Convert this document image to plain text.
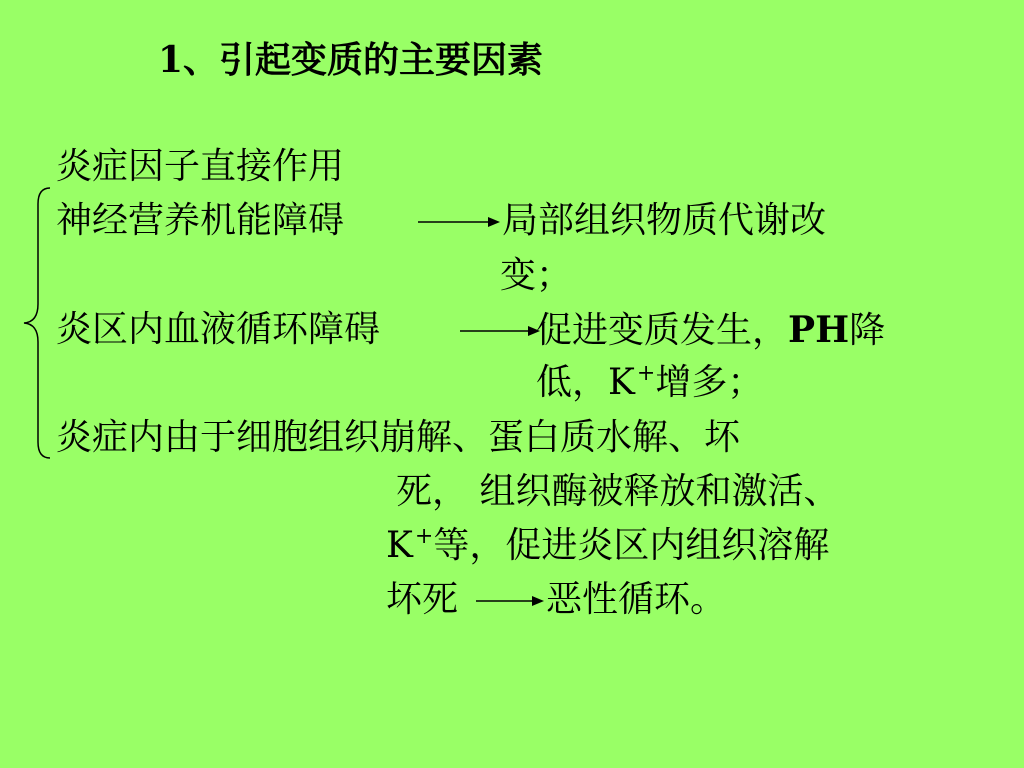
1、引起变质的主要因素
炎症因子直接作用
神经营养机能障碍	局部组织物质代谢改
变；
炎区内血液循环障碍	促进变质发生，PH降
低，K+增多；
炎症内由于细胞组织崩解、蛋白质水解、坏
死， 组织酶被释放和激活、
K+等，促进炎区内组织溶解
坏死 恶性循环。
